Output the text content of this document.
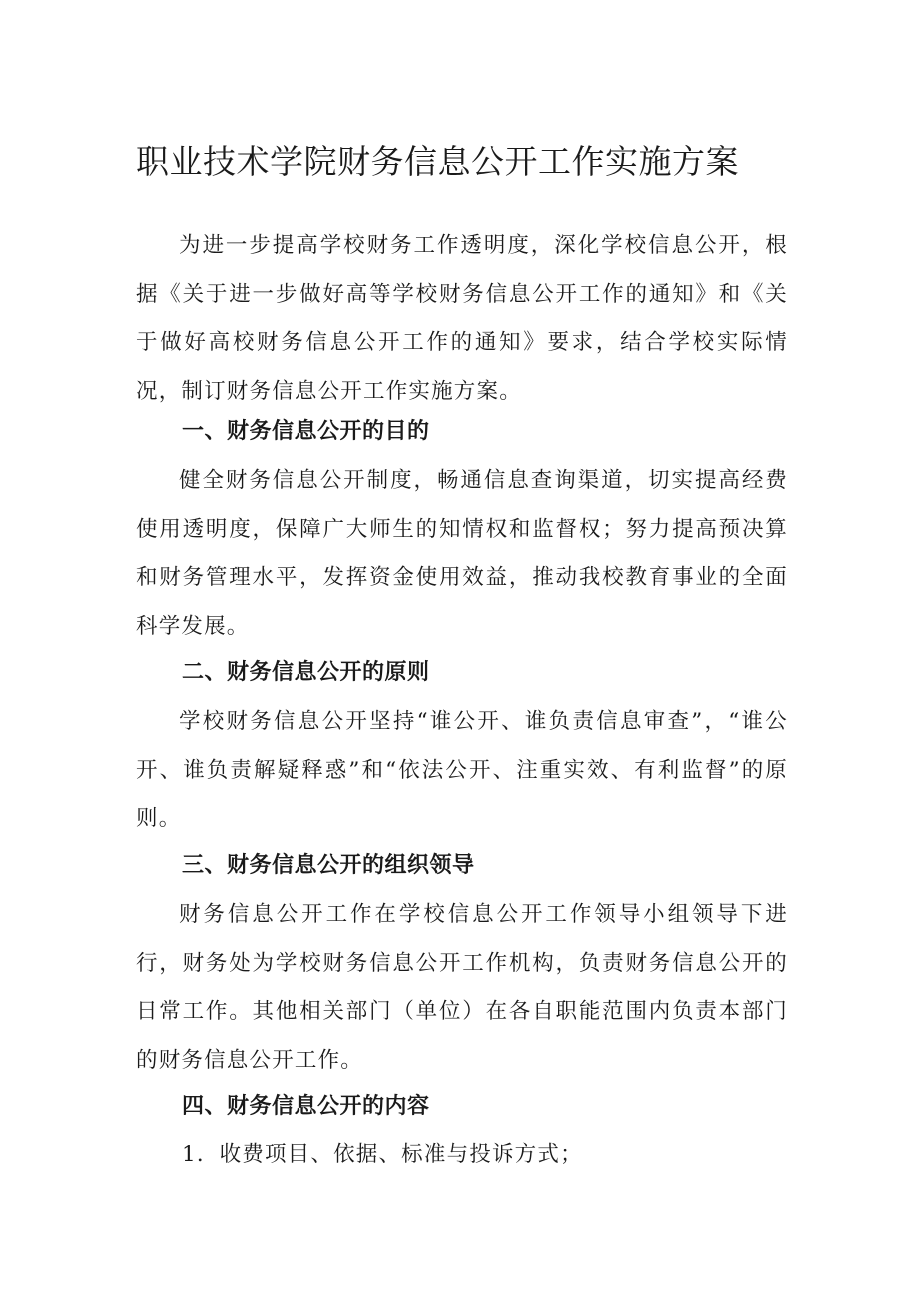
职业技术学院财务信息公开工作实施方案

为进一步提高学校财务工作透明度，深化学校信息公开，根据《关于进一步做好高等学校财务信息公开工作的通知》和《关于做好高校财务信息公开工作的通知》要求，结合学校实际情况，制订财务信息公开工作实施方案。

一、财务信息公开的目的

健全财务信息公开制度，畅通信息查询渠道，切实提高经费使用透明度，保障广大师生的知情权和监督权；努力提高预决算和财务管理水平，发挥资金使用效益，推动我校教育事业的全面科学发展。

二、财务信息公开的原则

学校财务信息公开坚持“谁公开、谁负责信息审查”，“谁公开、谁负责解疑释惑”和“依法公开、注重实效、有利监督”的原则。

三、财务信息公开的组织领导

财务信息公开工作在学校信息公开工作领导小组领导下进行，财务处为学校财务信息公开工作机构，负责财务信息公开的日常工作。其他相关部门（单位）在各自职能范围内负责本部门的财务信息公开工作。

四、财务信息公开的内容

1．收费项目、依据、标准与投诉方式；
